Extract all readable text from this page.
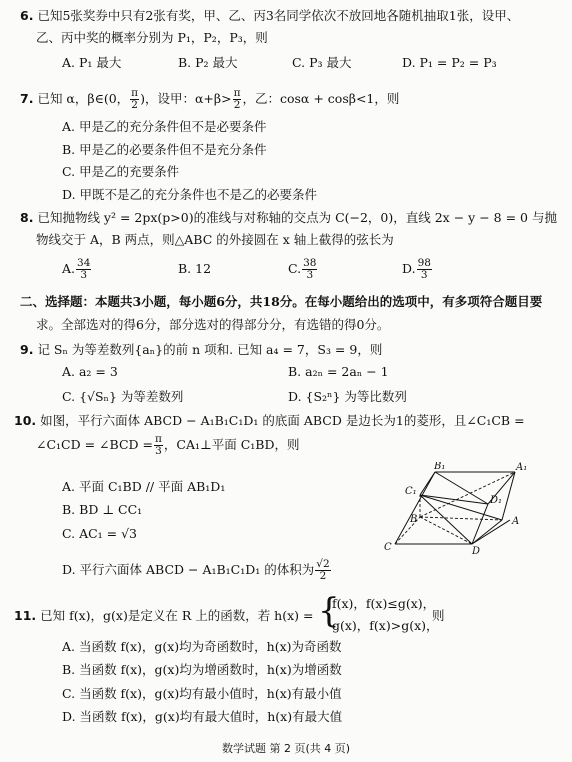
6. 已知5张奖券中只有2张有奖，甲、乙、丙3名同学依次不放回地各随机抽取1张，设甲、
乙、丙中奖的概率分别为 P₁，P₂，P₃，则
A. P₁ 最大	B. P₂ 最大	C. P₃ 最大	D. P₁ = P₂ = P₃
7. 已知 α，β∈(0， $\frac{\pi}{2}$ )，设甲：$\alpha+\beta> \frac{\pi}{2}$ ，乙：cosα + cosβ<1，则
A. 甲是乙的充分条件但不是必要条件
B. 甲是乙的必要条件但不是充分条件
C. 甲是乙的充要条件
D. 甲既不是乙的充分条件也不是乙的必要条件
8. 已知抛物线 y² = 2px(p>0)的准线与对称轴的交点为 C(−2，0)，直线 2x − y − 8 = 0 与抛
物线交于 A，B 两点，则△ABC 的外接圆在 x 轴上截得的弦长为
A. $\frac{34}{3}$	B. 12	C. $\frac{38}{3}$	D. $\frac{98}{3}$
二、选择题：本题共3小题，每小题6分，共18分。在每小题给出的选项中，有多项符合题目要
求。全部选对的得6分，部分选对的得部分分，有选错的得0分。
9. 记 Sₙ 为等差数列{aₙ}的前 n 项和. 已知 a₄ = 7，S₃ = 9，则
A. a₂ = 3	B. a₂ₙ = 2aₙ − 1
C. {√Sₙ} 为等差数列	D. {S₂ⁿ} 为等比数列
10. 如图，平行六面体 ABCD − A₁B₁C₁D₁ 的底面 ABCD 是边长为1的菱形，且∠C₁CB =
∠C₁CD = ∠BCD = $\frac{\pi}{3}$ ，CA₁⊥平面 C₁BD，则
A. 平面 C₁BD // 平面 AB₁D₁
B. BD ⊥ CC₁
C. AC₁ = √3
D. 平行六面体 ABCD − A₁B₁C₁D₁ 的体积为 $\frac{√2}{2}$
B₁	A₁
C₁
D₁
B	A
C	D
11. 已知 f(x)，g(x)是定义在 R 上的函数，若 h(x) = {
f(x)，f(x)≤g(x)，
g(x)，f(x)>g(x)，
则
A. 当函数 f(x)，g(x)均为奇函数时，h(x)为奇函数
B. 当函数 f(x)，g(x)均为增函数时，h(x)为增函数
C. 当函数 f(x)，g(x)均有最小值时，h(x)有最小值
D. 当函数 f(x)，g(x)均有最大值时，h(x)有最大值
数学试题 第 2 页(共 4 页)
